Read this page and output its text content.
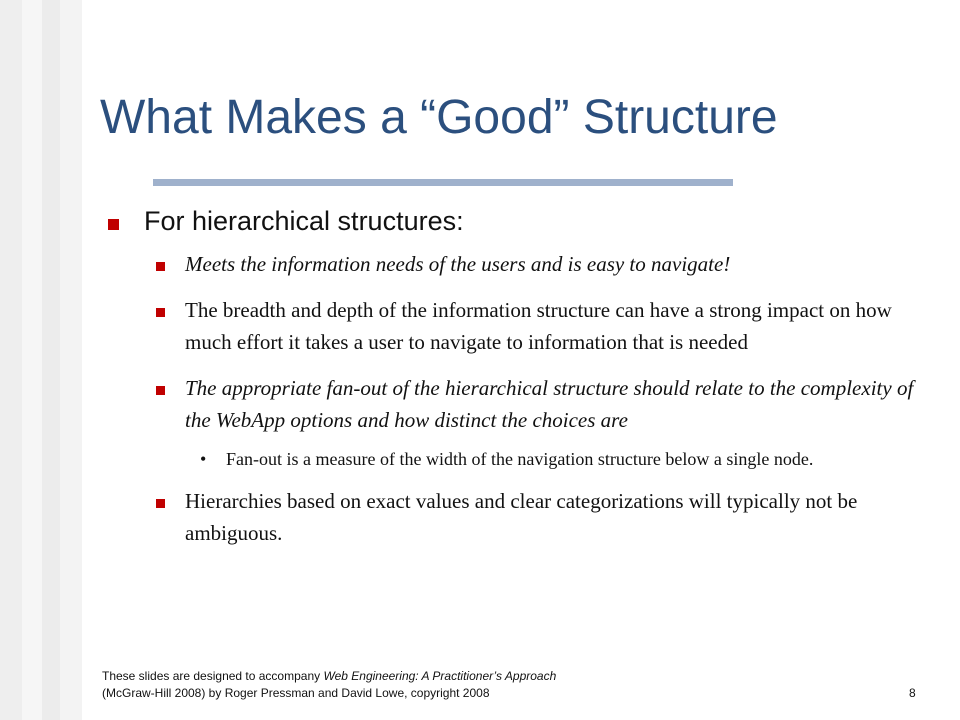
What Makes a “Good” Structure
For hierarchical structures:
Meets the information needs of the users and is easy to navigate!
The breadth and depth of the information structure can have a strong impact on how much effort it takes a user to navigate to information that is needed
The appropriate fan-out of the hierarchical structure should relate to the complexity of the WebApp options and how distinct the choices are
• Fan-out is a measure of the width of the navigation structure below a single node.
Hierarchies based on exact values and clear categorizations will typically not be ambiguous.
These slides are designed to accompany Web Engineering: A Practitioner’s Approach
(McGraw-Hill 2008) by Roger Pressman and David Lowe, copyright 2008	8
